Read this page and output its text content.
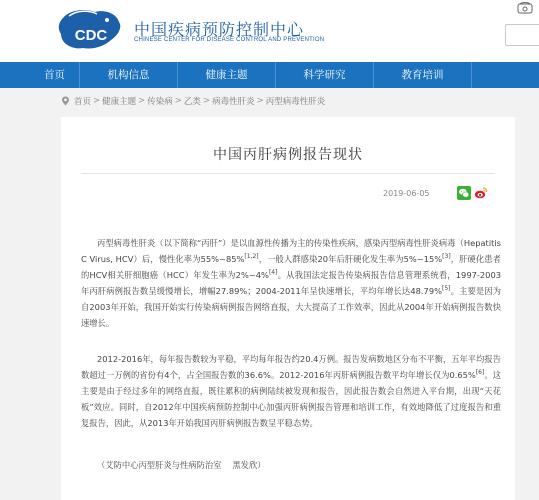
CDC 中国疾病预防控制中心
CHINESE CENTER FOR DISEASE CONTROL AND PREVENTION
首页	机构信息	健康主题	科学研究	教育培训
首页 > 健康主题 > 传染病 > 乙类 > 病毒性肝炎 > 丙型病毒性肝炎
中国丙肝病例报告现状
2019-06-05

丙型病毒性肝炎（以下简称“丙肝”）是以血源性传播为主的传染性疾病，感染丙型病毒性肝炎病毒（Hepatitis C Virus, HCV）后，慢性化率为55%~85%[1,2]，一般人群感染20年后肝硬化发生率为5%~15%[3]，肝硬化患者的HCV相关肝细胞癌（HCC）年发生率为2%~4%[4]。从我国法定报告传染病报告信息管理系统看，1997-2003年丙肝病例报告数呈缓慢增长，增幅27.89%；2004-2011年呈快速增长，平均年增长达48.79%[5]。主要是因为自2003年开始，我国开始实行传染病病例报告网络直报，大大提高了工作效率，因此从2004年开始病例报告数快速增长。

2012-2016年，每年报告数较为平稳，平均每年报告约20.4万例。报告发病数地区分布不平衡，五年平均报告数超过一万例的省份有4个，占全国报告数的36.6%。2012-2016年丙肝病例报告数平均年增长仅为0.65%[6]。这主要是由于经过多年的网络直报，既往累积的病例陆续被发现和报告，因此报告数会自然进入平台期，出现“天花板”效应。同时，自2012年中国疾病预防控制中心加强丙肝病例报告管理和培训工作，有效地降低了过度报告和重复报告，因此，从2013年开始我国丙肝病例报告数呈平稳态势。

（艾防中心丙型肝炎与性病防治室　 黑发欣）
